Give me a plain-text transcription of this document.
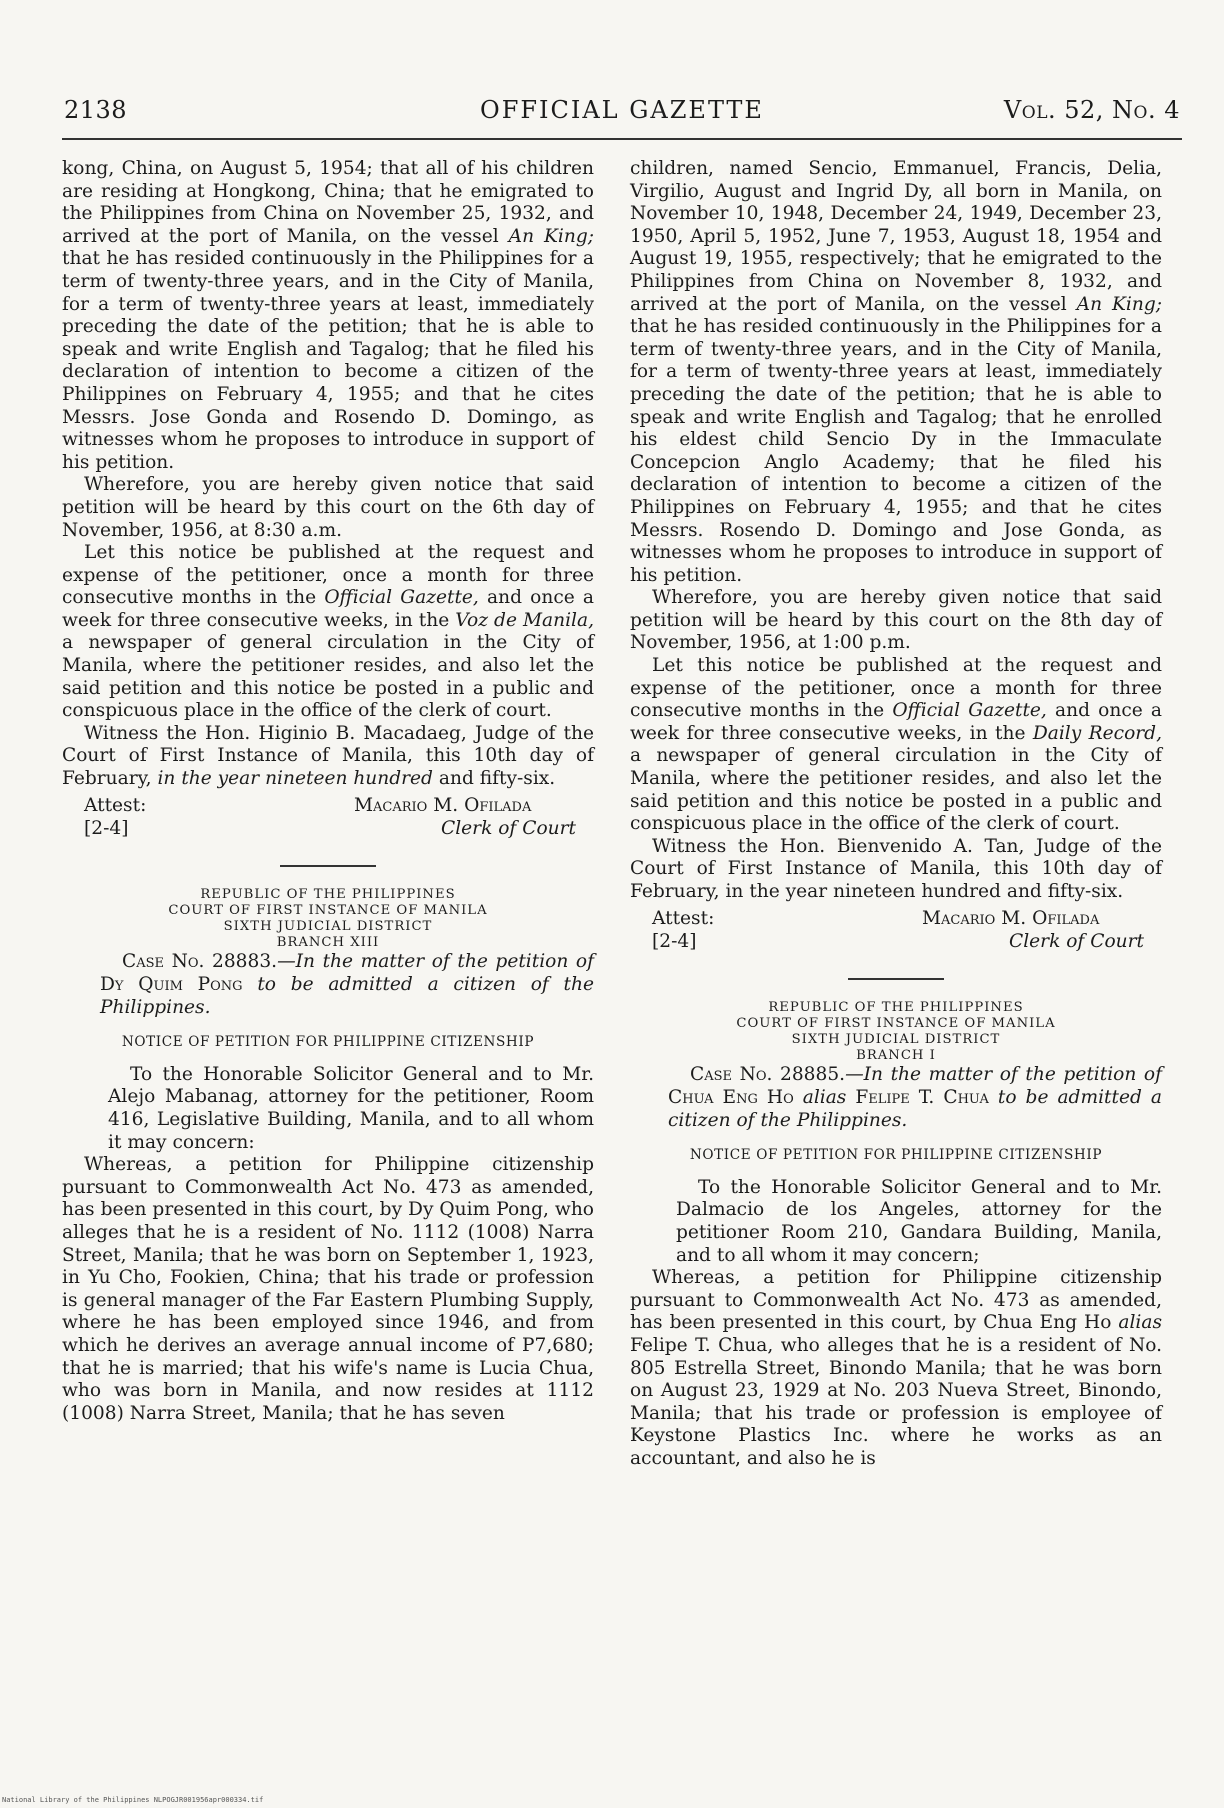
2138	OFFICIAL GAZETTE	Vol. 52, No. 4

kong, China, on August 5, 1954; that all of his children are residing at Hongkong, China; that he emigrated to the Philippines from China on November 25, 1932, and arrived at the port of Manila, on the vessel An King; that he has resided continuously in the Philippines for a term of twenty-three years, and in the City of Manila, for a term of twenty-three years at least, immediately preceding the date of the petition; that he is able to speak and write English and Tagalog; that he filed his declaration of intention to become a citizen of the Philippines on February 4, 1955; and that he cites Messrs. Jose Gonda and Rosendo D. Domingo, as witnesses whom he proposes to introduce in support of his petition.

Wherefore, you are hereby given notice that said petition will be heard by this court on the 6th day of November, 1956, at 8:30 a.m.

Let this notice be published at the request and expense of the petitioner, once a month for three consecutive months in the Official Gazette, and once a week for three consecutive weeks, in the Voz de Manila, a newspaper of general circulation in the City of Manila, where the petitioner resides, and also let the said petition and this notice be posted in a public and conspicuous place in the office of the clerk of court.

Witness the Hon. Higinio B. Macadaeg, Judge of the Court of First Instance of Manila, this 10th day of February, in the year nineteen hundred and fifty-six.

Attest:
[2-4]
Macario M. Ofilada
Clerk of Court
REPUBLIC OF THE PHILIPPINES
COURT OF FIRST INSTANCE OF MANILA
SIXTH JUDICIAL DISTRICT
BRANCH XIII

Case No. 28883.—In the matter of the petition of Dy Quim Pong to be admitted a citizen of the Philippines.

NOTICE OF PETITION FOR PHILIPPINE CITIZENSHIP

To the Honorable Solicitor General and to Mr. Alejo Mabanag, attorney for the petitioner, Room 416, Legislative Building, Manila, and to all whom it may concern:

Whereas, a petition for Philippine citizenship pursuant to Commonwealth Act No. 473 as amended, has been presented in this court, by Dy Quim Pong, who alleges that he is a resident of No. 1112 (1008) Narra Street, Manila; that he was born on September 1, 1923, in Yu Cho, Fookien, China; that his trade or profession is general manager of the Far Eastern Plumbing Supply, where he has been employed since 1946, and from which he derives an average annual income of P7,680; that he is married; that his wife's name is Lucia Chua, who was born in Manila, and now resides at 1112 (1008) Narra Street, Manila; that he has seven

children, named Sencio, Emmanuel, Francis, Delia, Virgilio, August and Ingrid Dy, all born in Manila, on November 10, 1948, December 24, 1949, December 23, 1950, April 5, 1952, June 7, 1953, August 18, 1954 and August 19, 1955, respectively; that he emigrated to the Philippines from China on November 8, 1932, and arrived at the port of Manila, on the vessel An King; that he has resided continuously in the Philippines for a term of twenty-three years, and in the City of Manila, for a term of twenty-three years at least, immediately preceding the date of the petition; that he is able to speak and write English and Tagalog; that he enrolled his eldest child Sencio Dy in the Immaculate Concepcion Anglo Academy; that he filed his declaration of intention to become a citizen of the Philippines on February 4, 1955; and that he cites Messrs. Rosendo D. Domingo and Jose Gonda, as witnesses whom he proposes to introduce in support of his petition.

Wherefore, you are hereby given notice that said petition will be heard by this court on the 8th day of November, 1956, at 1:00 p.m.

Let this notice be published at the request and expense of the petitioner, once a month for three consecutive months in the Official Gazette, and once a week for three consecutive weeks, in the Daily Record, a newspaper of general circulation in the City of Manila, where the petitioner resides, and also let the said petition and this notice be posted in a public and conspicuous place in the office of the clerk of court.

Witness the Hon. Bienvenido A. Tan, Judge of the Court of First Instance of Manila, this 10th day of February, in the year nineteen hundred and fifty-six.

Attest:
[2-4]
Macario M. Ofilada
Clerk of Court
REPUBLIC OF THE PHILIPPINES
COURT OF FIRST INSTANCE OF MANILA
SIXTH JUDICIAL DISTRICT
BRANCH I

Case No. 28885.—In the matter of the petition of Chua Eng Ho alias Felipe T. Chua to be admitted a citizen of the Philippines.

NOTICE OF PETITION FOR PHILIPPINE CITIZENSHIP

To the Honorable Solicitor General and to Mr. Dalmacio de los Angeles, attorney for the petitioner Room 210, Gandara Building, Manila, and to all whom it may concern;

Whereas, a petition for Philippine citizenship pursuant to Commonwealth Act No. 473 as amended, has been presented in this court, by Chua Eng Ho alias Felipe T. Chua, who alleges that he is a resident of No. 805 Estrella Street, Binondo Manila; that he was born on August 23, 1929 at No. 203 Nueva Street, Binondo, Manila; that his trade or profession is employee of Keystone Plastics Inc. where he works as an accountant, and also he is

National Library of the Philippines NLPOGJR001956apr000334.tif
